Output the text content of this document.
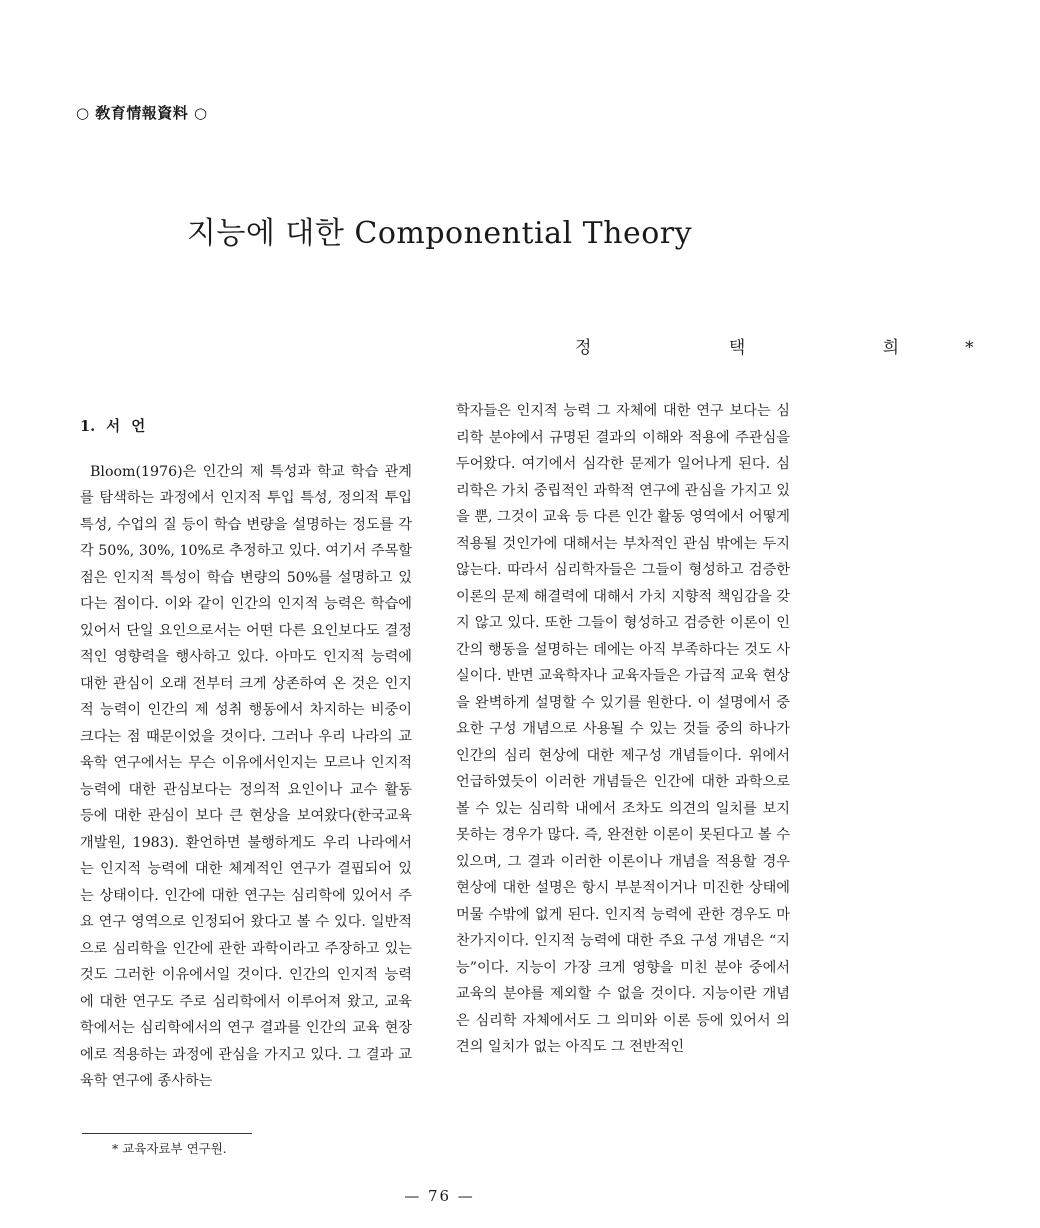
○ 敎育情報資料 ○
지능에 대한 Componential Theory
정 택 희*

1. 서 언

Bloom(1976)은 인간의 제 특성과 학교 학습 관계를 탐색하는 과정에서 인지적 투입 특성, 정의적 투입 특성, 수업의 질 등이 학습 변량을 설명하는 정도를 각각 50%, 30%, 10%로 추정하고 있다. 여기서 주목할 점은 인지적 특성이 학습 변량의 50%를 설명하고 있다는 점이다. 이와 같이 인간의 인지적 능력은 학습에 있어서 단일 요인으로서는 어떤 다른 요인보다도 결정적인 영향력을 행사하고 있다. 아마도 인지적 능력에 대한 관심이 오래 전부터 크게 상존하여 온 것은 인지적 능력이 인간의 제 성취 행동에서 차지하는 비중이 크다는 점 때문이었을 것이다. 그러나 우리 나라의 교육학 연구에서는 무슨 이유에서인지는 모르나 인지적 능력에 대한 관심보다는 정의적 요인이나 교수 활동 등에 대한 관심이 보다 큰 현상을 보여왔다(한국교육개발원, 1983). 환언하면 불행하게도 우리 나라에서는 인지적 능력에 대한 체계적인 연구가 결핍되어 있는 상태이다. 인간에 대한 연구는 심리학에 있어서 주요 연구 영역으로 인정되어 왔다고 볼 수 있다. 일반적으로 심리학을 인간에 관한 과학이라고 주장하고 있는 것도 그러한 이유에서일 것이다. 인간의 인지적 능력에 대한 연구도 주로 심리학에서 이루어져 왔고, 교육학에서는 심리학에서의 연구 결과를 인간의 교육 현장에로 적용하는 과정에 관심을 가지고 있다. 그 결과 교육학 연구에 종사하는

학자들은 인지적 능력 그 자체에 대한 연구 보다는 심리학 분야에서 규명된 결과의 이해와 적용에 주관심을 두어왔다. 여기에서 심각한 문제가 일어나게 된다. 심리학은 가치 중립적인 과학적 연구에 관심을 가지고 있을 뿐, 그것이 교육 등 다른 인간 활동 영역에서 어떻게 적용될 것인가에 대해서는 부차적인 관심 밖에는 두지 않는다. 따라서 심리학자들은 그들이 형성하고 검증한 이론의 문제 해결력에 대해서 가치 지향적 책임감을 갖지 않고 있다. 또한 그들이 형성하고 검증한 이론이 인간의 행동을 설명하는 데에는 아직 부족하다는 것도 사실이다. 반면 교육학자나 교육자들은 가급적 교육 현상을 완벽하게 설명할 수 있기를 원한다. 이 설명에서 중요한 구성 개념으로 사용될 수 있는 것들 중의 하나가 인간의 심리 현상에 대한 제구성 개념들이다. 위에서 언급하였듯이 이러한 개념들은 인간에 대한 과학으로 볼 수 있는 심리학 내에서 조차도 의견의 일치를 보지 못하는 경우가 많다. 즉, 완전한 이론이 못된다고 볼 수 있으며, 그 결과 이러한 이론이나 개념을 적용할 경우 현상에 대한 설명은 항시 부분적이거나 미진한 상태에 머물 수밖에 없게 된다. 인지적 능력에 관한 경우도 마찬가지이다. 인지적 능력에 대한 주요 구성 개념은 “지능”이다. 지능이 가장 크게 영향을 미친 분야 중에서 교육의 분야를 제외할 수 없을 것이다. 지능이란 개념은 심리학 자체에서도 그 의미와 이론 등에 있어서 의견의 일치가 없는 아직도 그 전반적인

* 교육자료부 연구원.
— 76 —
